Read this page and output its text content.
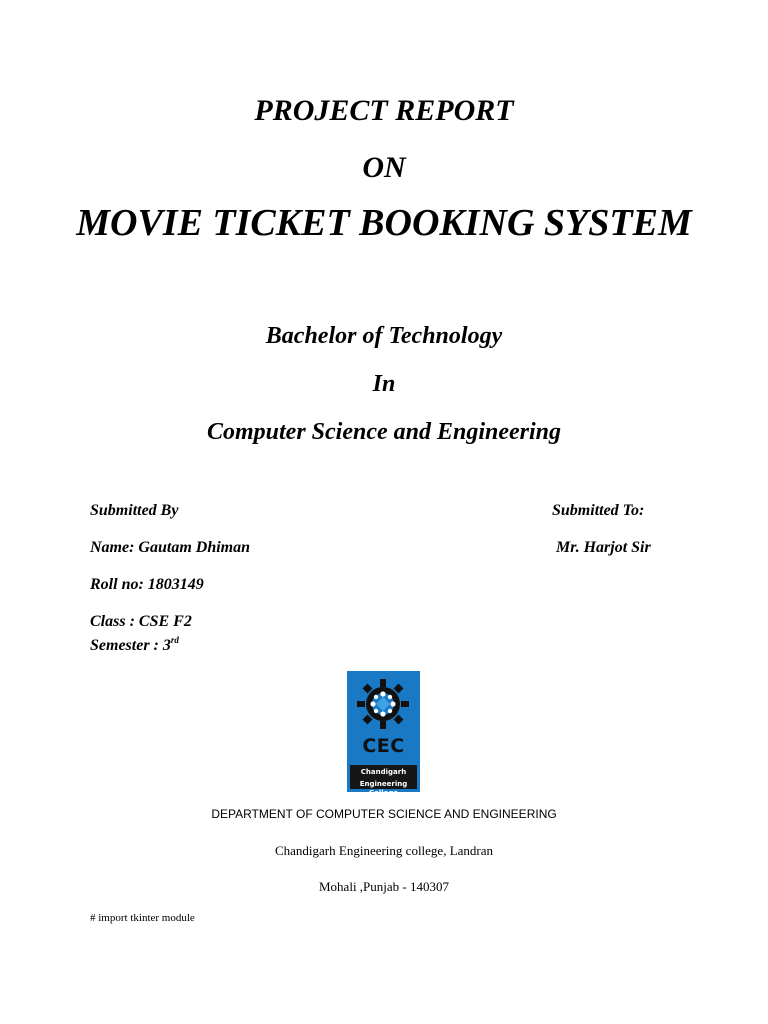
PROJECT REPORT
ON
MOVIE TICKET BOOKING SYSTEM
Bachelor of Technology
In
Computer Science and Engineering
Submitted By
Name: Gautam Dhiman
Roll no: 1803149
Class : CSE F2
Semester : 3rd
Submitted To:
Mr. Harjot Sir
CEC
Chandigarh
Engineering College
DEPARTMENT OF COMPUTER SCIENCE AND ENGINEERING
Chandigarh Engineering college, Landran
Mohali ,Punjab - 140307
# import tkinter module
